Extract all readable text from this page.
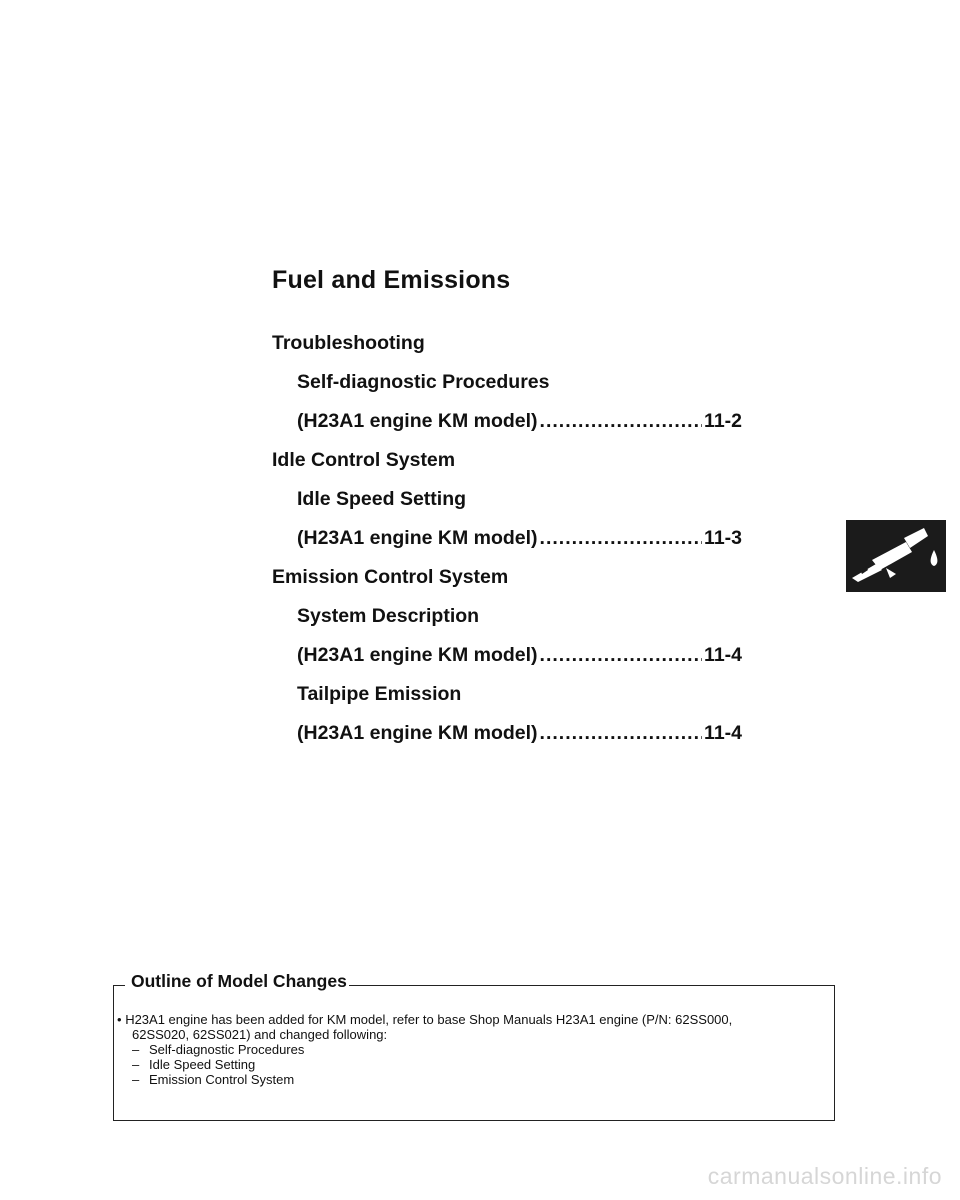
Fuel and Emissions
Troubleshooting
Self-diagnostic Procedures
(H23A1 engine KM model) .....	11-2
Idle Control System
Idle Speed Setting
(H23A1 engine KM model) .....	11-3
Emission Control System
System Description
(H23A1 engine KM model) .....	11-4
Tailpipe Emission
(H23A1 engine KM model) .....	11-4
Outline of Model Changes

• H23A1 engine has been added for KM model, refer to base Shop Manuals H23A1 engine (P/N: 62SS000,

62SS020, 62SS021) and changed following:

– Self-diagnostic Procedures

– Idle Speed Setting

– Emission Control System

carmanualsonline.info
